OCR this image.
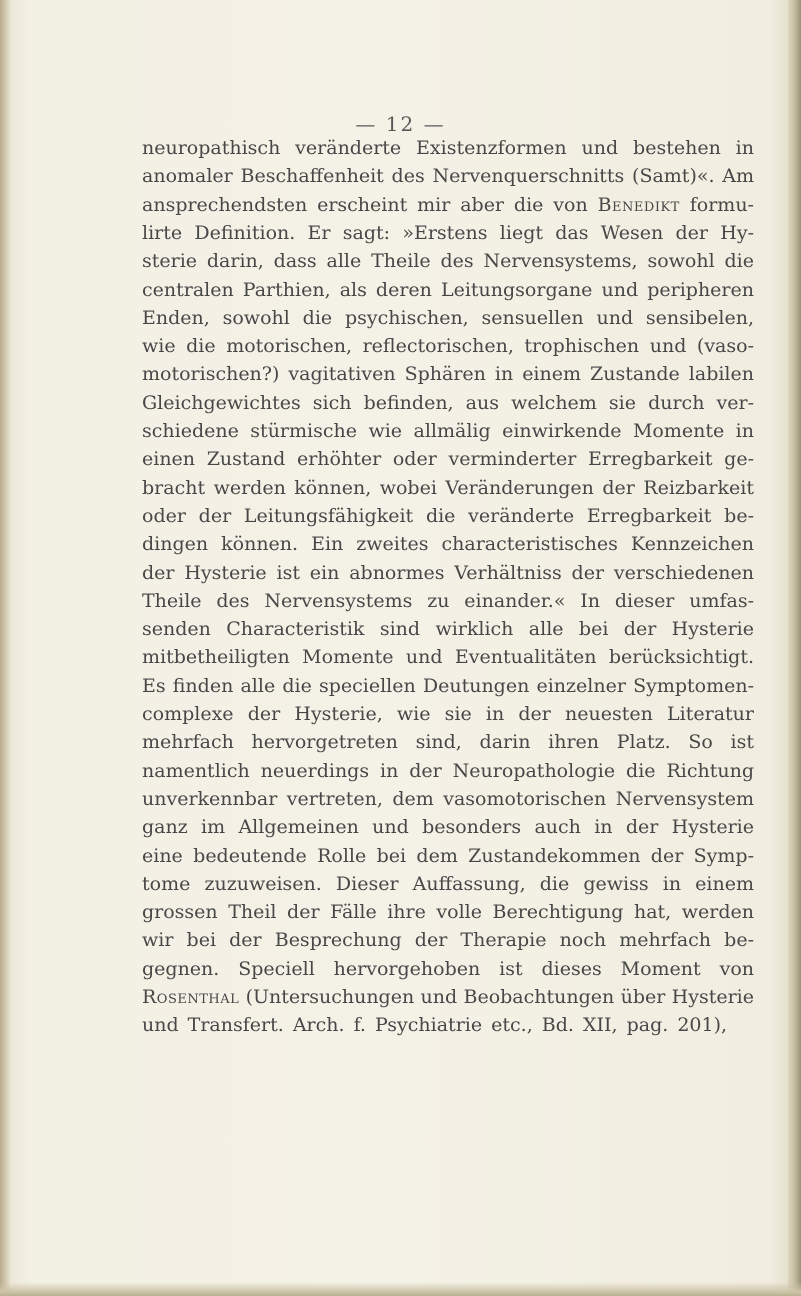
— 12 —
neuropathisch veränderte Existenzformen und bestehen in
anomaler Beschaffenheit des Nervenquerschnitts (Samt)«. Am
ansprechendsten erscheint mir aber die von Benedikt formu-
lirte Definition. Er sagt: »Erstens liegt das Wesen der Hy-
sterie darin, dass alle Theile des Nervensystems, sowohl die
centralen Parthien, als deren Leitungsorgane und peripheren
Enden, sowohl die psychischen, sensuellen und sensibelen,
wie die motorischen, reflectorischen, trophischen und (vaso-
motorischen?) vagitativen Sphären in einem Zustande labilen
Gleichgewichtes sich befinden, aus welchem sie durch ver-
schiedene stürmische wie allmälig einwirkende Momente in
einen Zustand erhöhter oder verminderter Erregbarkeit ge-
bracht werden können, wobei Veränderungen der Reizbarkeit
oder der Leitungsfähigkeit die veränderte Erregbarkeit be-
dingen können. Ein zweites characteristisches Kennzeichen
der Hysterie ist ein abnormes Verhältniss der verschiedenen
Theile des Nervensystems zu einander.« In dieser umfas-
senden Characteristik sind wirklich alle bei der Hysterie
mitbetheiligten Momente und Eventualitäten berücksichtigt.
Es finden alle die speciellen Deutungen einzelner Symptomen-
complexe der Hysterie, wie sie in der neuesten Literatur
mehrfach hervorgetreten sind, darin ihren Platz. So ist
namentlich neuerdings in der Neuropathologie die Richtung
unverkennbar vertreten, dem vasomotorischen Nervensystem
ganz im Allgemeinen und besonders auch in der Hysterie
eine bedeutende Rolle bei dem Zustandekommen der Symp-
tome zuzuweisen. Dieser Auffassung, die gewiss in einem
grossen Theil der Fälle ihre volle Berechtigung hat, werden
wir bei der Besprechung der Therapie noch mehrfach be-
gegnen. Speciell hervorgehoben ist dieses Moment von
Rosenthal (Untersuchungen und Beobachtungen über Hysterie
und Transfert. Arch. f. Psychiatrie etc., Bd. XII, pag. 201),
